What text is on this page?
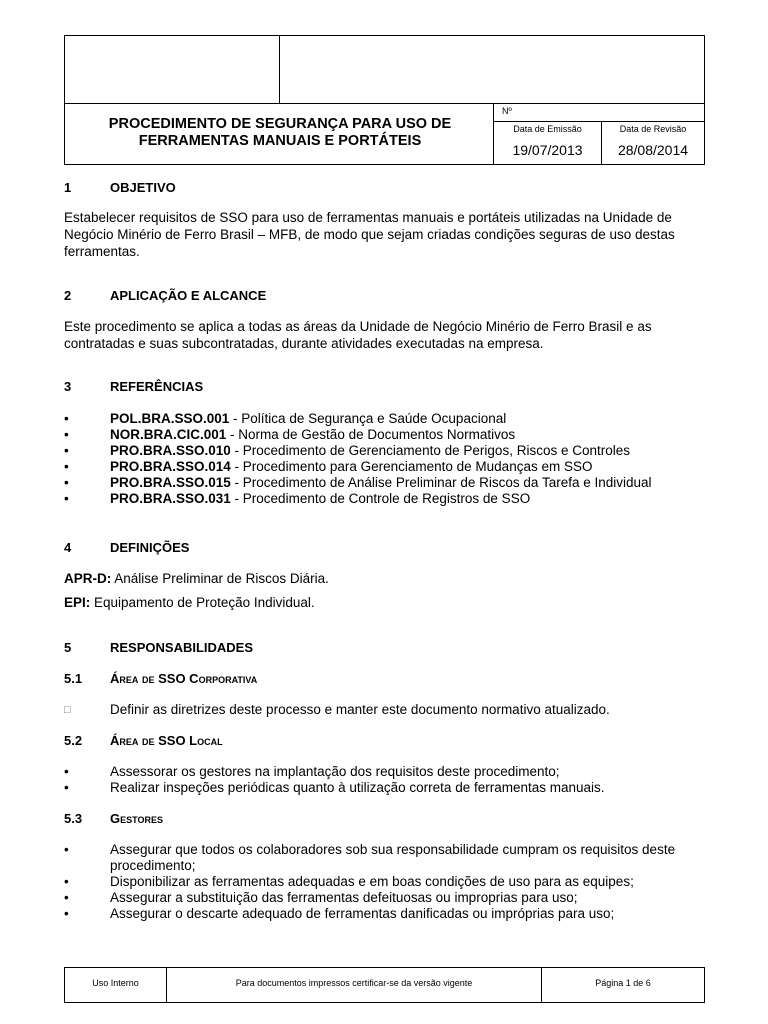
PROCEDIMENTO DE SEGURANÇA PARA USO DE
FERRAMENTAS MANUAIS E PORTÁTEIS
Nº
Data de Emissão	Data de Revisão
19/07/2013	28/08/2014
1	OBJETIVO
Estabelecer requisitos de SSO para uso de ferramentas manuais e portáteis utilizadas na Unidade de Negócio Minério de Ferro Brasil – MFB, de modo que sejam criadas condições seguras de uso destas ferramentas.
2	APLICAÇÃO E ALCANCE
Este procedimento se aplica a todas as áreas da Unidade de Negócio Minério de Ferro Brasil e as contratadas e suas subcontratadas, durante atividades executadas na empresa.
3	REFERÊNCIAS
•	POL.BRA.SSO.001 - Política de Segurança e Saúde Ocupacional
•	NOR.BRA.CIC.001 - Norma de Gestão de Documentos Normativos
•	PRO.BRA.SSO.010 - Procedimento de Gerenciamento de Perigos, Riscos e Controles
•	PRO.BRA.SSO.014 - Procedimento para Gerenciamento de Mudanças em SSO
•	PRO.BRA.SSO.015 - Procedimento de Análise Preliminar de Riscos da Tarefa e Individual
•	PRO.BRA.SSO.031 - Procedimento de Controle de Registros de SSO
4	DEFINIÇÕES
APR-D: Análise Preliminar de Riscos Diária.
EPI: Equipamento de Proteção Individual.
5	RESPONSABILIDADES
5.1 Área de SSO Corporativa
□	Definir as diretrizes deste processo e manter este documento normativo atualizado.
5.2 Área de SSO Local
•	Assessorar os gestores na implantação dos requisitos deste procedimento;
•	Realizar inspeções periódicas quanto à utilização correta de ferramentas manuais.
5.3 Gestores
•	Assegurar que todos os colaboradores sob sua responsabilidade cumpram os requisitos deste procedimento;
•	Disponibilizar as ferramentas adequadas e em boas condições de uso para as equipes;
•	Assegurar a substituição das ferramentas defeituosas ou improprias para uso;
•	Assegurar o descarte adequado de ferramentas danificadas ou impróprias para uso;
Uso Interno	Para documentos impressos certificar-se da versão vigente	Página 1 de 6
